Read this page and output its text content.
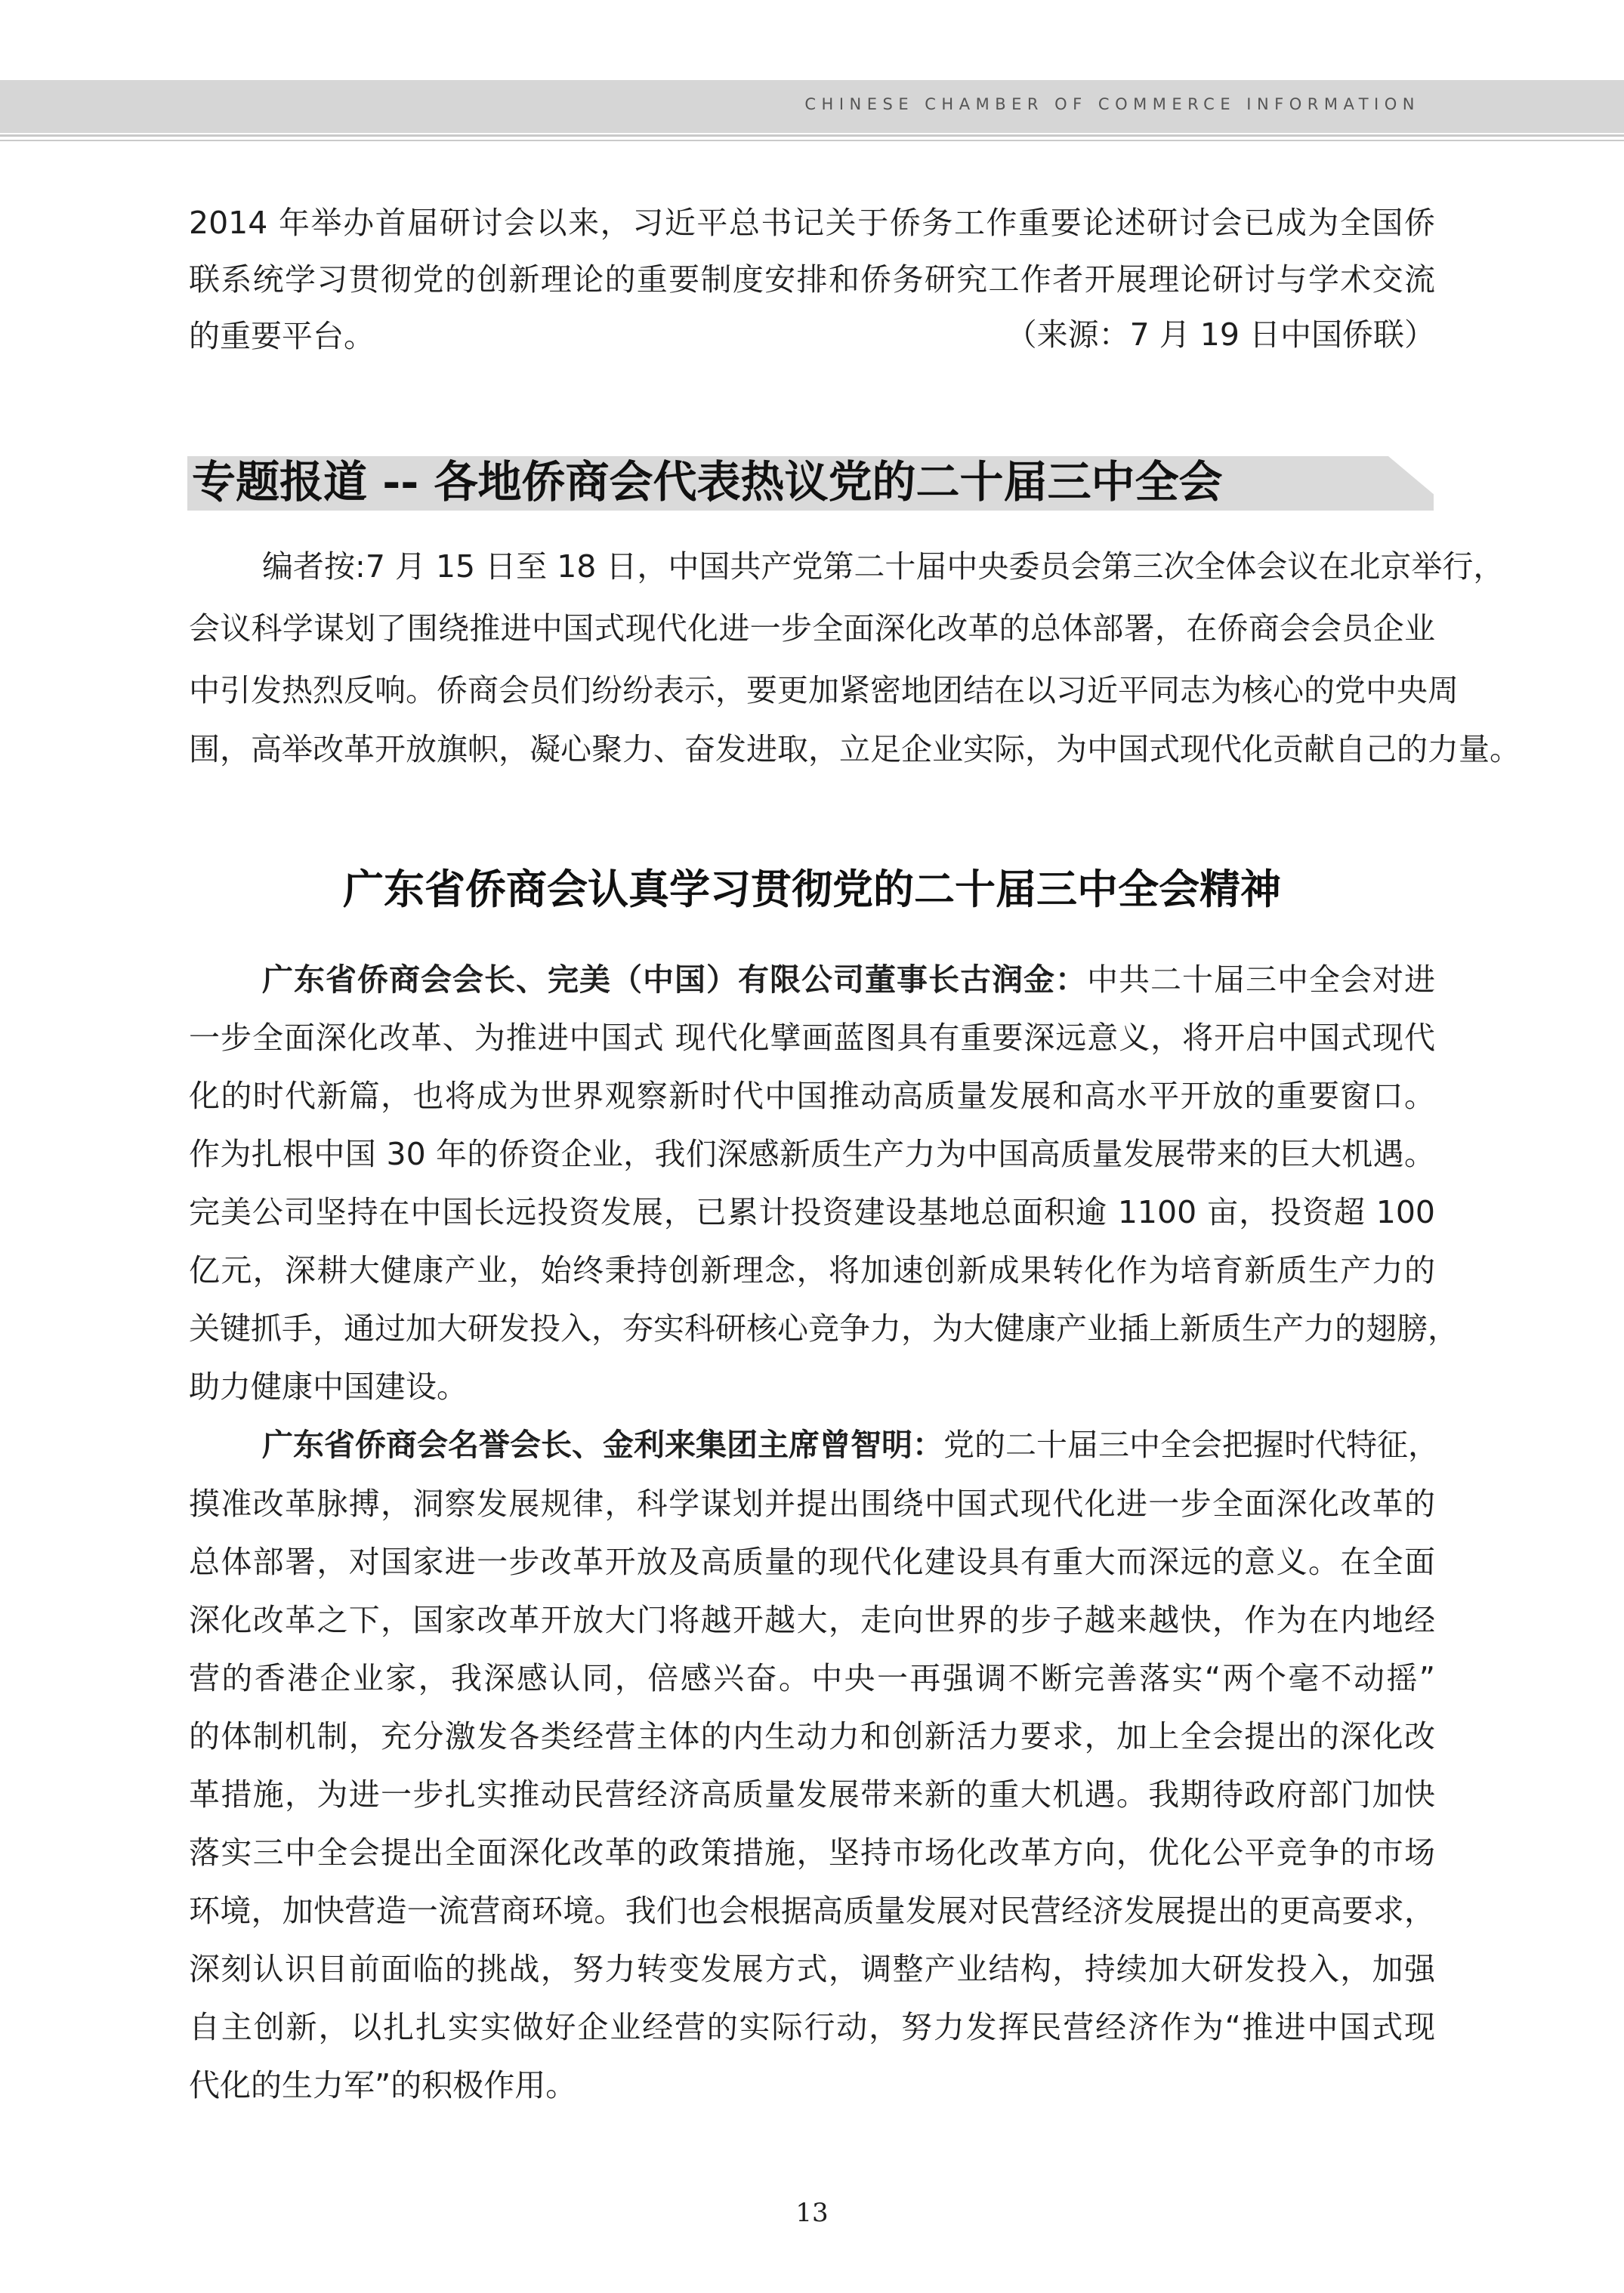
CHINESE CHAMBER OF COMMERCE INFORMATION
2014 年举办首届研讨会以来，习近平总书记关于侨务工作重要论述研讨会已成为全国侨
联系统学习贯彻党的创新理论的重要制度安排和侨务研究工作者开展理论研讨与学术交流
的重要平台。	（来源：7 月 19 日中国侨联）
专题报道 -- 各地侨商会代表热议党的二十届三中全会
编者按:7 月 15 日至 18 日，中国共产党第二十届中央委员会第三次全体会议在北京举行，
会议科学谋划了围绕推进中国式现代化进一步全面深化改革的总体部署，在侨商会会员企业
中引发热烈反响。侨商会员们纷纷表示，要更加紧密地团结在以习近平同志为核心的党中央周
围，高举改革开放旗帜，凝心聚力、奋发进取，立足企业实际，为中国式现代化贡献自己的力量。
广东省侨商会认真学习贯彻党的二十届三中全会精神
广东省侨商会会长、完美（中国）有限公司董事长古润金：中共二十届三中全会对进
一步全面深化改革、为推进中国式 现代化擘画蓝图具有重要深远意义，将开启中国式现代
化的时代新篇，也将成为世界观察新时代中国推动高质量发展和高水平开放的重要窗口。
作为扎根中国 30 年的侨资企业，我们深感新质生产力为中国高质量发展带来的巨大机遇。
完美公司坚持在中国长远投资发展，已累计投资建设基地总面积逾 1100 亩，投资超 100
亿元，深耕大健康产业，始终秉持创新理念，将加速创新成果转化作为培育新质生产力的
关键抓手，通过加大研发投入，夯实科研核心竞争力，为大健康产业插上新质生产力的翅膀，
助力健康中国建设。
广东省侨商会名誉会长、金利来集团主席曾智明：党的二十届三中全会把握时代特征，
摸准改革脉搏，洞察发展规律，科学谋划并提出围绕中国式现代化进一步全面深化改革的
总体部署，对国家进一步改革开放及高质量的现代化建设具有重大而深远的意义。在全面
深化改革之下，国家改革开放大门将越开越大，走向世界的步子越来越快，作为在内地经
营的香港企业家，我深感认同，倍感兴奋。中央一再强调不断完善落实“两个毫不动摇”
的体制机制，充分激发各类经营主体的内生动力和创新活力要求，加上全会提出的深化改
革措施，为进一步扎实推动民营经济高质量发展带来新的重大机遇。我期待政府部门加快
落实三中全会提出全面深化改革的政策措施，坚持市场化改革方向，优化公平竞争的市场
环境，加快营造一流营商环境。我们也会根据高质量发展对民营经济发展提出的更高要求，
深刻认识目前面临的挑战，努力转变发展方式，调整产业结构，持续加大研发投入，加强
自主创新，以扎扎实实做好企业经营的实际行动，努力发挥民营经济作为“推进中国式现
代化的生力军”的积极作用。
13
